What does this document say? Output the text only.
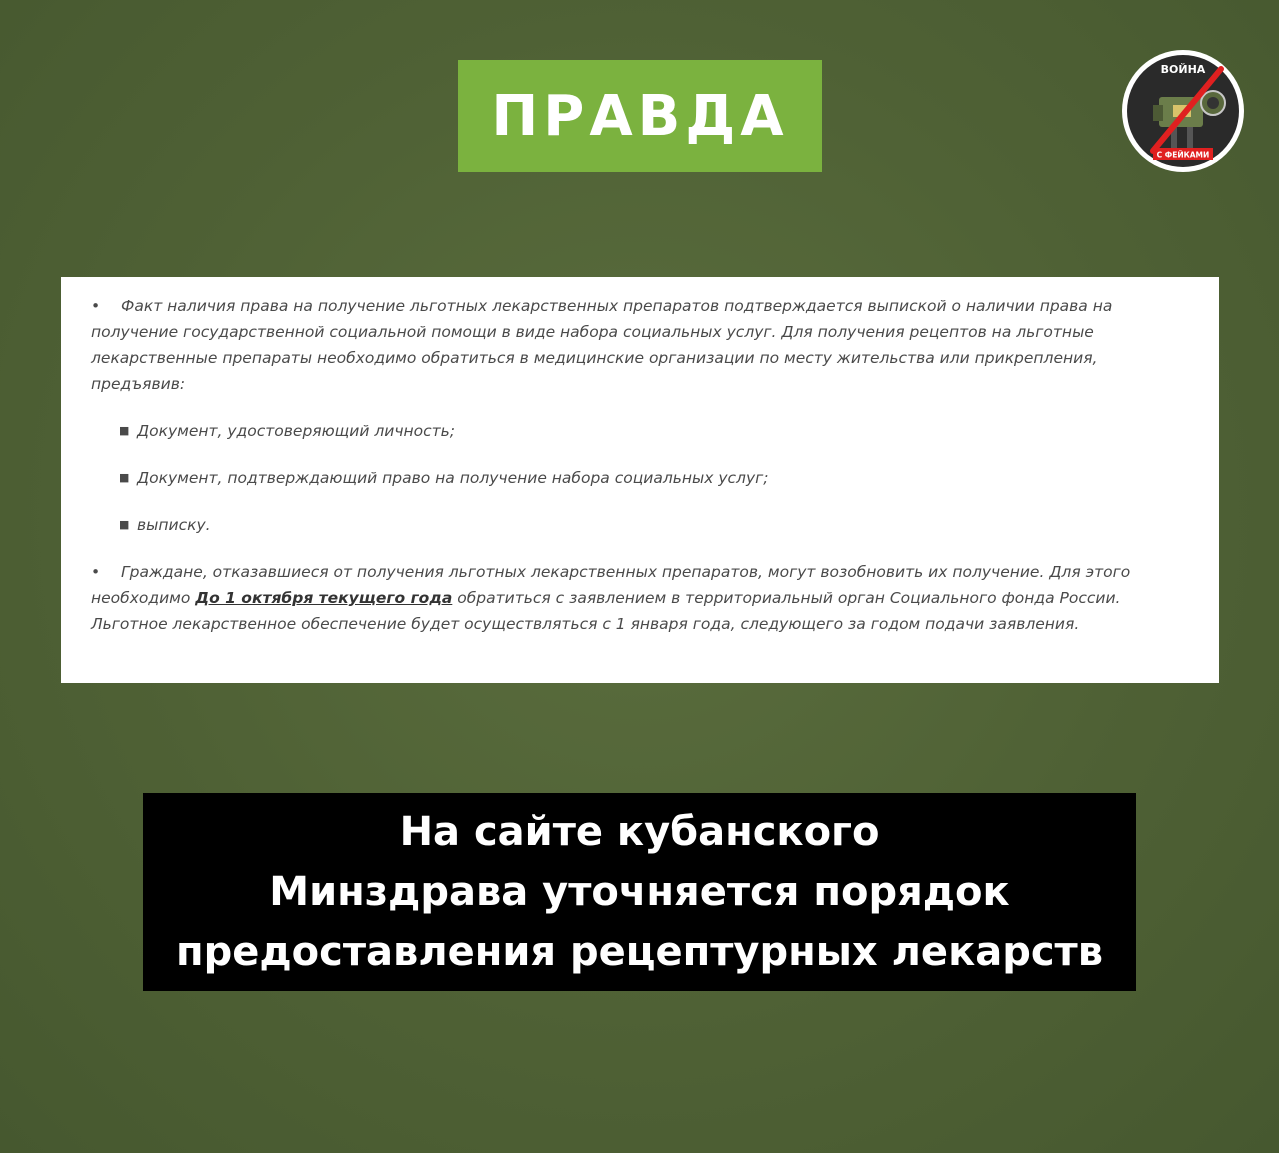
ПРАВДА
ВОЙНА
С ФЕЙКАМИ
•	Факт наличия права на получение льготных лекарственных препаратов подтверждается выпиской о наличии права на получение государственной социальной помощи в виде набора социальных услуг. Для получения рецептов на льготные лекарственные препараты необходимо обратиться в медицинские организации по месту жительства или прикрепления, предъявив:
■ Документ, удостоверяющий личность;
■ Документ, подтверждающий право на получение набора социальных услуг;
■ выписку.
•	Граждане, отказавшиеся от получения льготных лекарственных препаратов, могут возобновить их получение. Для этого необходимо До 1 октября текущего года обратиться с заявлением в территориальный орган Социального фонда России. Льготное лекарственное обеспечение будет осуществляться с 1 января года, следующего за годом подачи заявления.
На сайте кубанского
Минздрава уточняется порядок
предоставления рецептурных лекарств
